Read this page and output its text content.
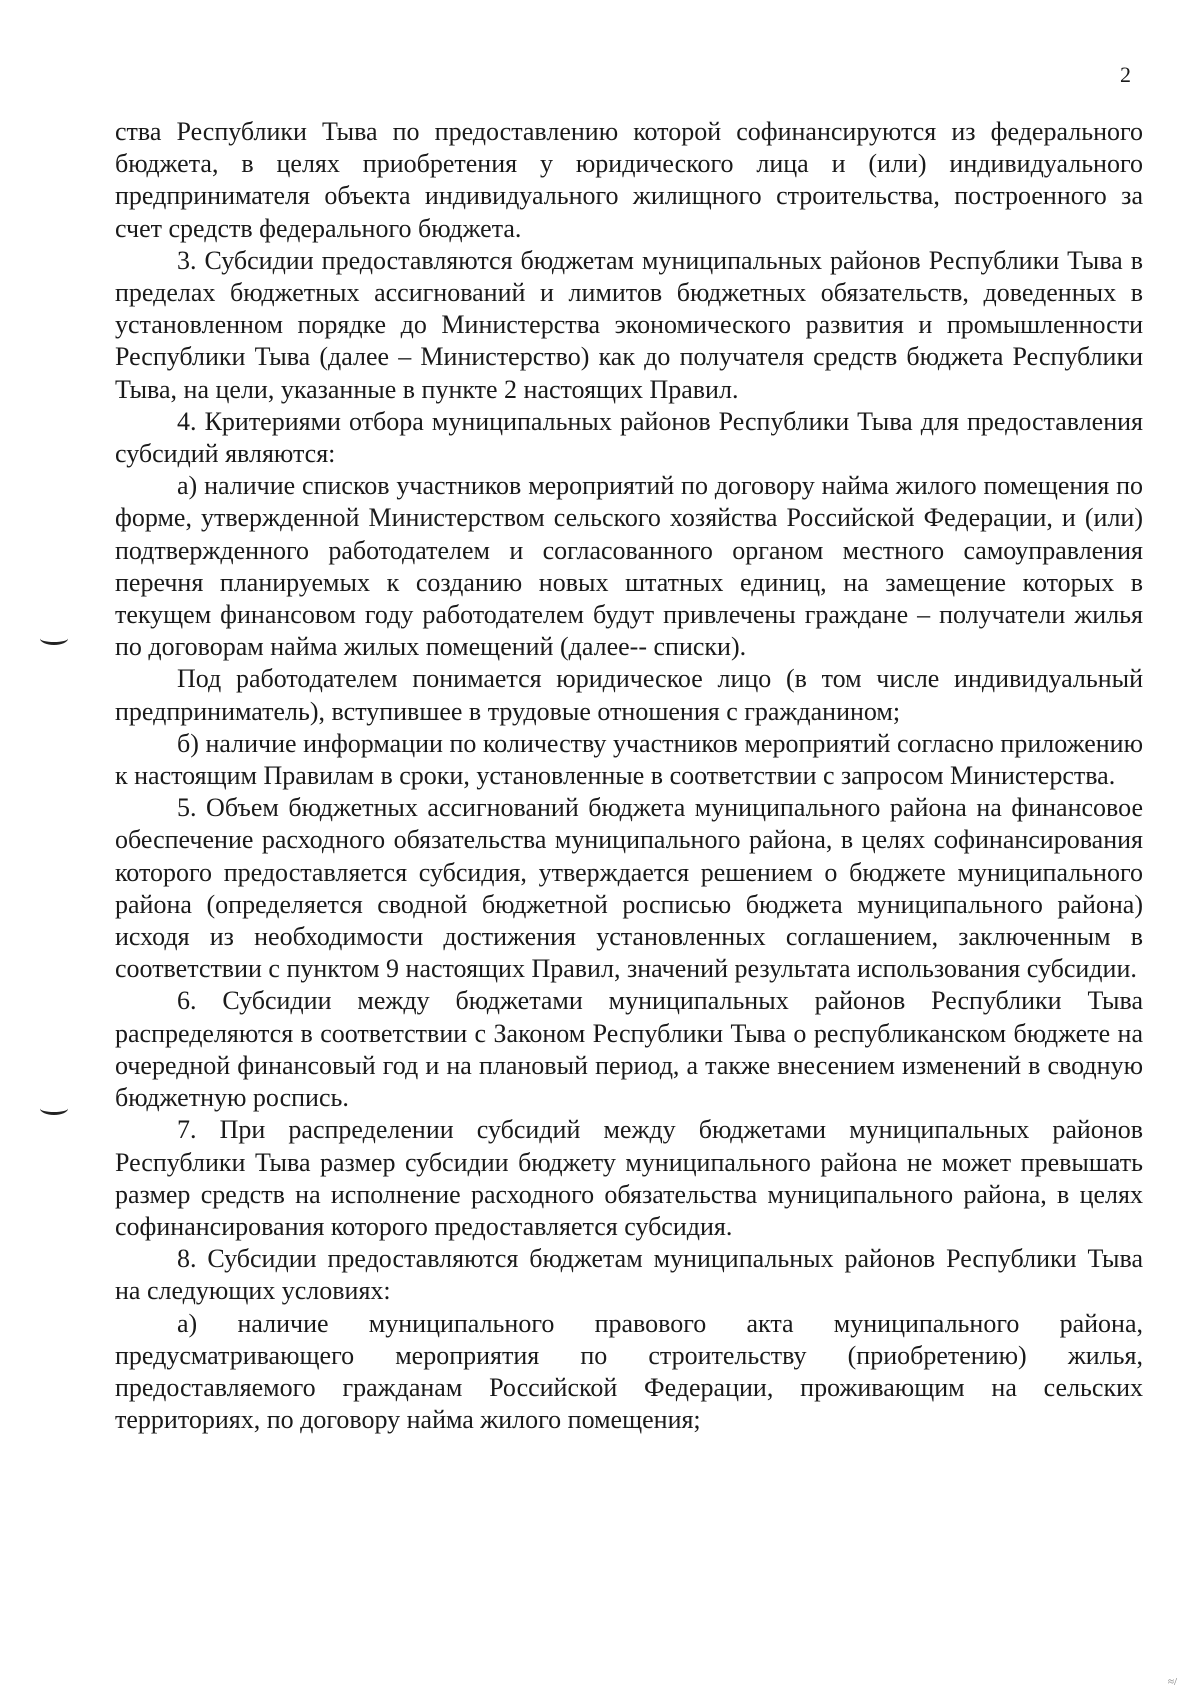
2

ства Республики Тыва по предоставлению которой софинансируются из федерального бюджета, в целях приобретения у юридического лица и (или) индивидуального предпринимателя объекта индивидуального жилищного строительства, построенного за счет средств федерального бюджета.

3. Субсидии предоставляются бюджетам муниципальных районов Республики Тыва в пределах бюджетных ассигнований и лимитов бюджетных обязательств, доведенных в установленном порядке до Министерства экономического развития и промышленности Республики Тыва (далее – Министерство) как до получателя средств бюджета Республики Тыва, на цели, указанные в пункте 2 настоящих Правил.

4. Критериями отбора муниципальных районов Республики Тыва для предоставления субсидий являются:

а) наличие списков участников мероприятий по договору найма жилого помещения по форме, утвержденной Министерством сельского хозяйства Российской Федерации, и (или) подтвержденного работодателем и согласованного органом местного самоуправления перечня планируемых к созданию новых штатных единиц, на замещение которых в текущем финансовом году работодателем будут привлечены граждане – получатели жилья по договорам найма жилых помещений (далее-- списки).

Под работодателем понимается юридическое лицо (в том числе индивидуальный предприниматель), вступившее в трудовые отношения с гражданином;

б) наличие информации по количеству участников мероприятий согласно приложению к настоящим Правилам в сроки, установленные в соответствии с запросом Министерства.

5. Объем бюджетных ассигнований бюджета муниципального района на финансовое обеспечение расходного обязательства муниципального района, в целях софинансирования которого предоставляется субсидия, утверждается решением о бюджете муниципального района (определяется сводной бюджетной росписью бюджета муниципального района) исходя из необходимости достижения установленных соглашением, заключенным в соответствии с пунктом 9 настоящих Правил, значений результата использования субсидии.

6. Субсидии между бюджетами муниципальных районов Республики Тыва распределяются в соответствии с Законом Республики Тыва о республиканском бюджете на очередной финансовый год и на плановый период, а также внесением изменений в сводную бюджетную роспись.

7. При распределении субсидий между бюджетами муниципальных районов Республики Тыва размер субсидии бюджету муниципального района не может превышать размер средств на исполнение расходного обязательства муниципального района, в целях софинансирования которого предоставляется субсидия.

8. Субсидии предоставляются бюджетам муниципальных районов Республики Тыва на следующих условиях:

а) наличие муниципального правового акта муниципального района, предусматривающего мероприятия по строительству (приобретению) жилья, предоставляемого гражданам Российской Федерации, проживающим на сельских территориях, по договору найма жилого помещения;

≈/
